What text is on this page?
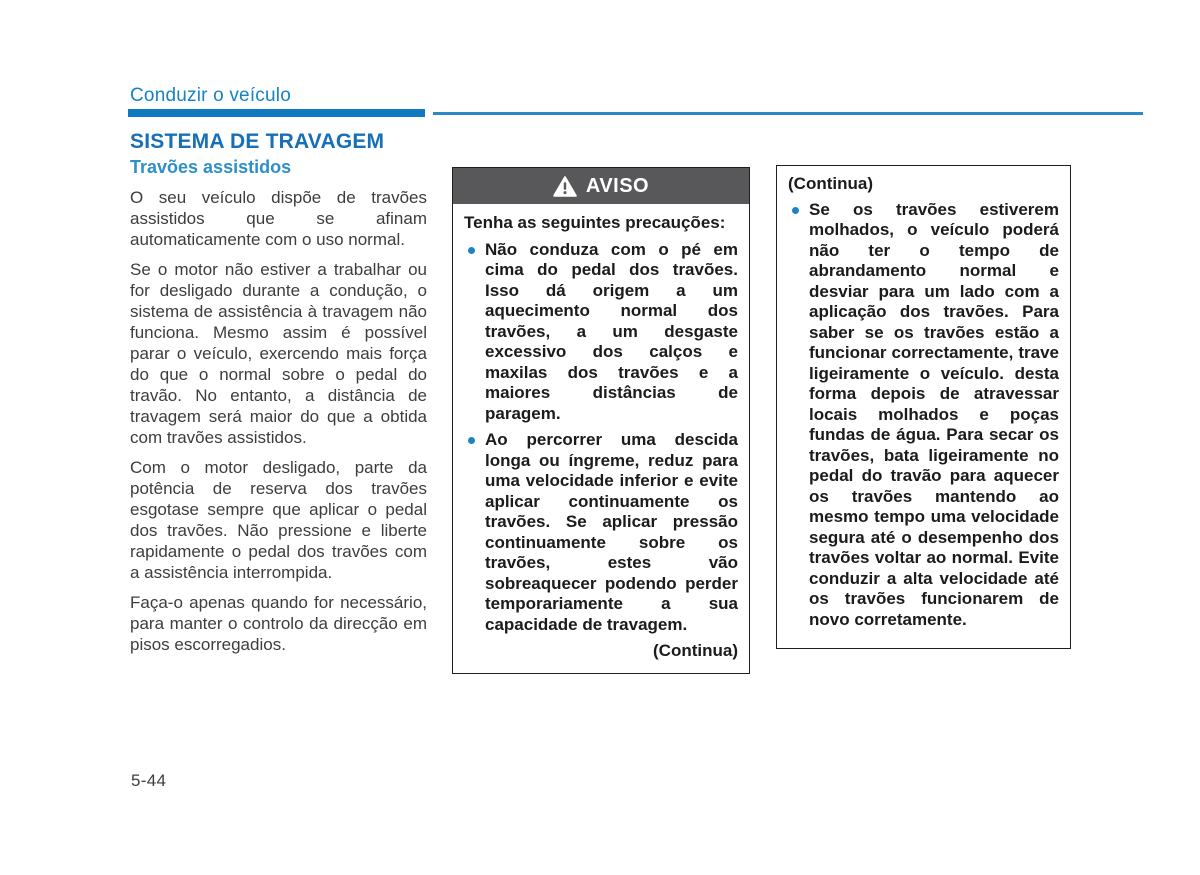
Conduzir o veículo
SISTEMA DE TRAVAGEM
Travões assistidos

O seu veículo dispõe de travões assistidos que se afinam automaticamente com o uso normal.

Se o motor não estiver a trabalhar ou for desligado durante a condução, o sistema de assistência à travagem não funciona. Mesmo assim é possível parar o veículo, exercendo mais força do que o normal sobre o pedal do travão. No entanto, a distância de travagem será maior do que a obtida com travões assistidos.

Com o motor desligado, parte da potência de reserva dos travões esgotase sempre que aplicar o pedal dos travões. Não pressione e liberte rapidamente o pedal dos travões com a assistência interrompida.

Faça-o apenas quando for necessário, para manter o controlo da direcção em pisos escorregadios.

AVISO

Tenha as seguintes precauções:

Não conduza com o pé em cima do pedal dos travões. Isso dá origem a um aquecimento normal dos travões, a um desgaste excessivo dos calços e maxilas dos travões e a maiores distâncias de paragem.
Ao percorrer uma descida longa ou íngreme, reduz para uma velocidade inferior e evite aplicar continuamente os travões. Se aplicar pressão continuamente sobre os travões, estes vão sobreaquecer podendo perder temporariamente a sua capacidade de travagem.

(Continua)

(Continua)

Se os travões estiverem molhados, o veículo poderá não ter o tempo de abrandamento normal e desviar para um lado com a aplicação dos travões. Para saber se os travões estão a funcionar correctamente, trave ligeiramente o veículo. desta forma depois de atravessar locais molhados e poças fundas de água. Para secar os travões, bata ligeiramente no pedal do travão para aquecer os travões mantendo ao mesmo tempo uma velocidade segura até o desempenho dos travões voltar ao normal. Evite conduzir a alta velocidade até os travões funcionarem de novo corretamente.
5-44
